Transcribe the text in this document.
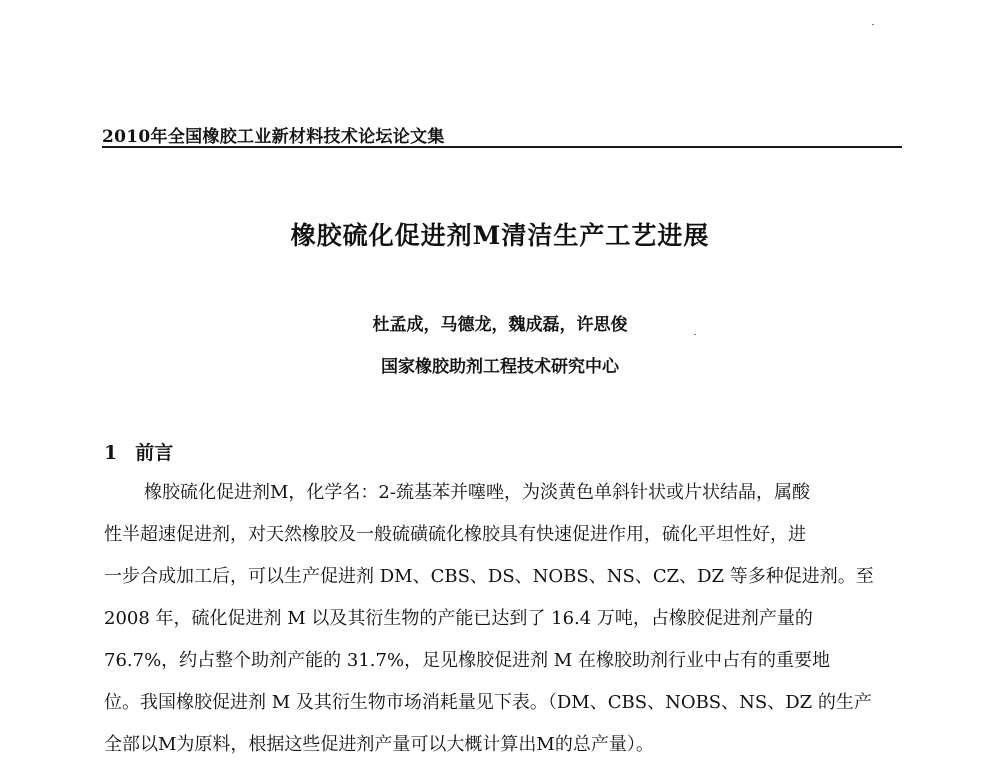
2010年全国橡胶工业新材料技术论坛论文集
橡胶硫化促进剂M清洁生产工艺进展
杜孟成，马德龙，魏成磊，许思俊
国家橡胶助剂工程技术研究中心
1 前言
橡胶硫化促进剂M，化学名：2-巯基苯并噻唑，为淡黄色单斜针状或片状结晶，属酸
性半超速促进剂，对天然橡胶及一般硫磺硫化橡胶具有快速促进作用，硫化平坦性好，进
一步合成加工后，可以生产促进剂 DM、CBS、DS、NOBS、NS、CZ、DZ 等多种促进剂。至
2008 年，硫化促进剂 M 以及其衍生物的产能已达到了 16.4 万吨，占橡胶促进剂产量的
76.7%，约占整个助剂产能的 31.7%，足见橡胶促进剂 M 在橡胶助剂行业中占有的重要地
位。我国橡胶促进剂 M 及其衍生物市场消耗量见下表。（DM、CBS、NOBS、NS、DZ 的生产
全部以M为原料，根据这些促进剂产量可以大概计算出M的总产量）。
